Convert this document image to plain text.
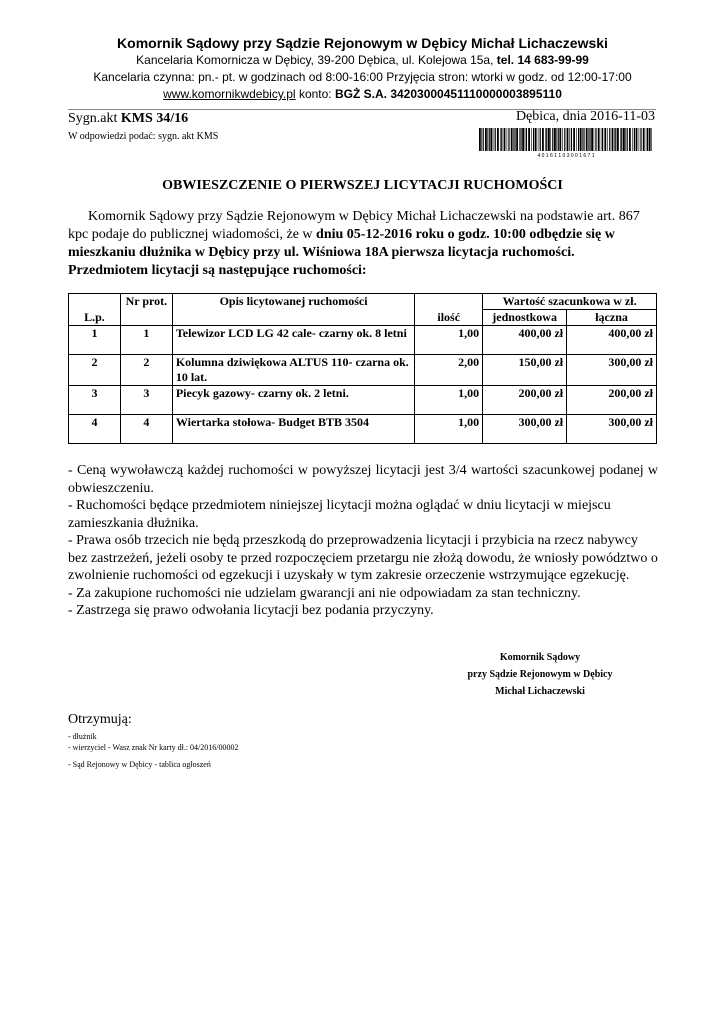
Komornik Sądowy przy Sądzie Rejonowym w Dębicy Michał Lichaczewski
Kancelaria Komornicza w Dębicy, 39-200 Dębica, ul. Kolejowa 15a, tel. 14 683-99-99
Kancelaria czynna: pn.- pt. w godzinach od 8:00-16:00 Przyjęcia stron: wtorki w godz. od 12:00-17:00
www.komornikwdebicy.pl konto: BGŻ S.A. 34203000451110000003895110
Sygn.akt KMS 34/16
W odpowiedzi podać: sygn. akt KMS
Dębica, dnia 2016-11-03
4 0 1 6 1 1 0 3 0 0 1 6 7 1
OBWIESZCZENIE O PIERWSZEJ LICYTACJI RUCHOMOŚCI
Komornik Sądowy przy Sądzie Rejonowym w Dębicy Michał Lichaczewski na podstawie art. 867 kpc podaje do publicznej wiadomości, że w dniu 05-12-2016 roku o godz. 10:00 odbędzie się w mieszkaniu dłużnika w Dębicy przy ul. Wiśniowa 18A pierwsza licytacja ruchomości. Przedmiotem licytacji są następujące ruchomości:
L.p.	Nr prot.	Opis licytowanej ruchomości	ilość	Wartość szacunkowa w zł.	
				jednostkowa	łączna
1	1	Telewizor LCD LG 42 cale- czarny ok. 8 letni	1,00	400,00 zł	400,00 zł
2	2	Kolumna dziwiękowa ALTUS 110- czarna ok. 10 lat.	2,00	150,00 zł	300,00 zł
3	3	Piecyk gazowy- czarny ok. 2 letni.	1,00	200,00 zł	200,00 zł
4	4	Wiertarka stołowa- Budget BTB 3504	1,00	300,00 zł	300,00 zł

- Ceną wywoławczą każdej ruchomości w powyższej licytacji jest 3/4 wartości szacunkowej podanej w obwieszczeniu.

- Ruchomości będące przedmiotem niniejszej licytacji można oglądać w dniu licytacji w miejscu zamieszkania dłużnika.

- Prawa osób trzecich nie będą przeszkodą do przeprowadzenia licytacji i przybicia na rzecz nabywcy bez zastrzeżeń, jeżeli osoby te przed rozpoczęciem przetargu nie złożą dowodu, że wniosły powództwo o zwolnienie ruchomości od egzekucji i uzyskały w tym zakresie orzeczenie wstrzymujące egzekucję.

- Za zakupione ruchomości nie udzielam gwarancji ani nie odpowiadam za stan techniczny.

- Zastrzega się prawo odwołania licytacji bez podania przyczyny.

Komornik Sądowy
przy Sądzie Rejonowym w Dębicy
Michał Lichaczewski
Otrzymują:
- dłużnik
- wierzyciel - Wasz znak Nr karty dł.: 04/2016/00002
- Sąd Rejonowy w Dębicy - tablica ogłoszeń
